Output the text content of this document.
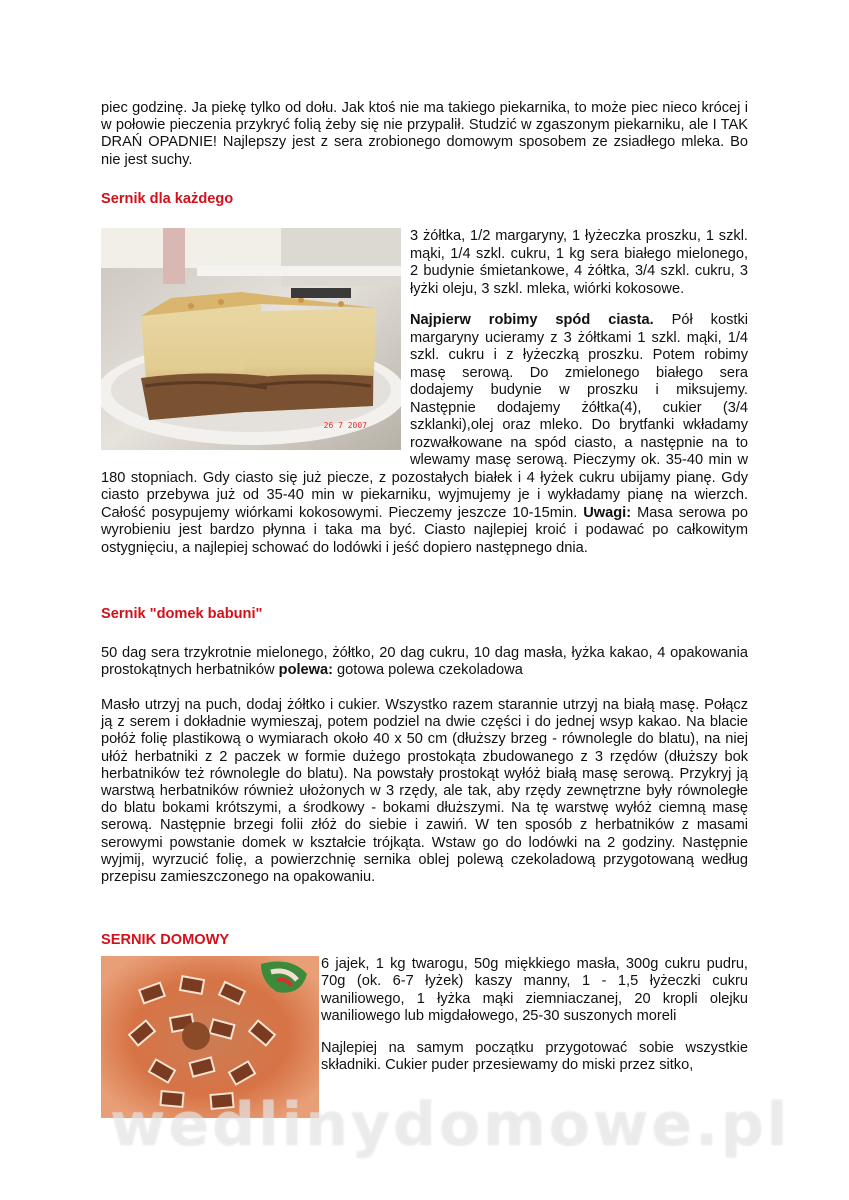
piec godzinę. Ja piekę tylko od dołu. Jak ktoś nie ma takiego piekarnika, to może piec nieco krócej i w połowie pieczenia przykryć folią żeby się nie przypalił. Studzić w zgaszonym piekarniku, ale I TAK DRAŃ OPADNIE! Najlepszy jest z sera zrobionego domowym sposobem ze zsiadłego mleka. Bo nie jest suchy.

Sernik dla każdego
26 7 2007

3 żółtka, 1/2 margaryny, 1 łyżeczka proszku, 1 szkl. mąki, 1/4 szkl. cukru, 1 kg sera białego mielonego, 2 budynie śmietankowe, 4 żółtka, 3/4 szkl. cukru, 3 łyżki oleju, 3 szkl. mleka, wiórki kokosowe.

Najpierw robimy spód ciasta. Pół kostki margaryny ucieramy z 3 żółtkami 1 szkl. mąki, 1/4 szkl. cukru i z łyżeczką proszku. Potem robimy masę serową. Do zmielonego białego sera dodajemy budynie w proszku i miksujemy. Następnie dodajemy żółtka(4), cukier (3/4 szklanki),olej oraz mleko. Do brytfanki wkładamy rozwałkowane na spód ciasto, a następnie na to wlewamy masę serową. Pieczymy ok. 35-40 min w 180 stopniach. Gdy ciasto się już piecze, z pozostałych białek i 4 łyżek cukru ubijamy pianę. Gdy ciasto przebywa już od 35-40 min w piekarniku, wyjmujemy je i wykładamy pianę na wierzch. Całość posypujemy wiórkami kokosowymi. Pieczemy jeszcze 10-15min. Uwagi: Masa serowa po wyrobieniu jest bardzo płynna i taka ma być. Ciasto najlepiej kroić i podawać po całkowitym ostygnięciu, a najlepiej schować do lodówki i jeść dopiero następnego dnia.

Sernik "domek babuni"

50 dag sera trzykrotnie mielonego, żółtko, 20 dag cukru, 10 dag masła, łyżka kakao, 4 opakowania prostokątnych herbatników polewa: gotowa polewa czekoladowa

Masło utrzyj na puch, dodaj żółtko i cukier. Wszystko razem starannie utrzyj na białą masę. Połącz ją z serem i dokładnie wymieszaj, potem podziel na dwie części i do jednej wsyp kakao. Na blacie połóż folię plastikową o wymiarach około 40 x 50 cm (dłuższy brzeg - równolegle do blatu), na niej ułóż herbatniki z 2 paczek w formie dużego prostokąta zbudowanego z 3 rzędów (dłuższy bok herbatników też równolegle do blatu). Na powstały prostokąt wyłóż białą masę serową. Przykryj ją warstwą herbatników również ułożonych w 3 rzędy, ale tak, aby rzędy zewnętrzne były równoległe do blatu bokami krótszymi, a środkowy - bokami dłuższymi. Na tę warstwę wyłóż ciemną masę serową. Następnie brzegi folii złóż do siebie i zawiń. W ten sposób z herbatników z masami serowymi powstanie domek w kształcie trójkąta. Wstaw go do lodówki na 2 godziny. Następnie wyjmij, wyrzucić folię, a powierzchnię sernika oblej polewą czekoladową przygotowaną według przepisu zamieszczonego na opakowaniu.

SERNIK DOMOWY

6 jajek, 1 kg twarogu, 50g miękkiego masła, 300g cukru pudru, 70g (ok. 6-7 łyżek) kaszy manny, 1 - 1,5 łyżeczki cukru waniliowego, 1 łyżka mąki ziemniaczanej, 20 kropli olejku waniliowego lub migdałowego, 25-30 suszonych moreli

Najlepiej na samym początku przygotować sobie wszystkie składniki. Cukier puder przesiewamy do miski przez sitko,

wedlinydomowe.pl
